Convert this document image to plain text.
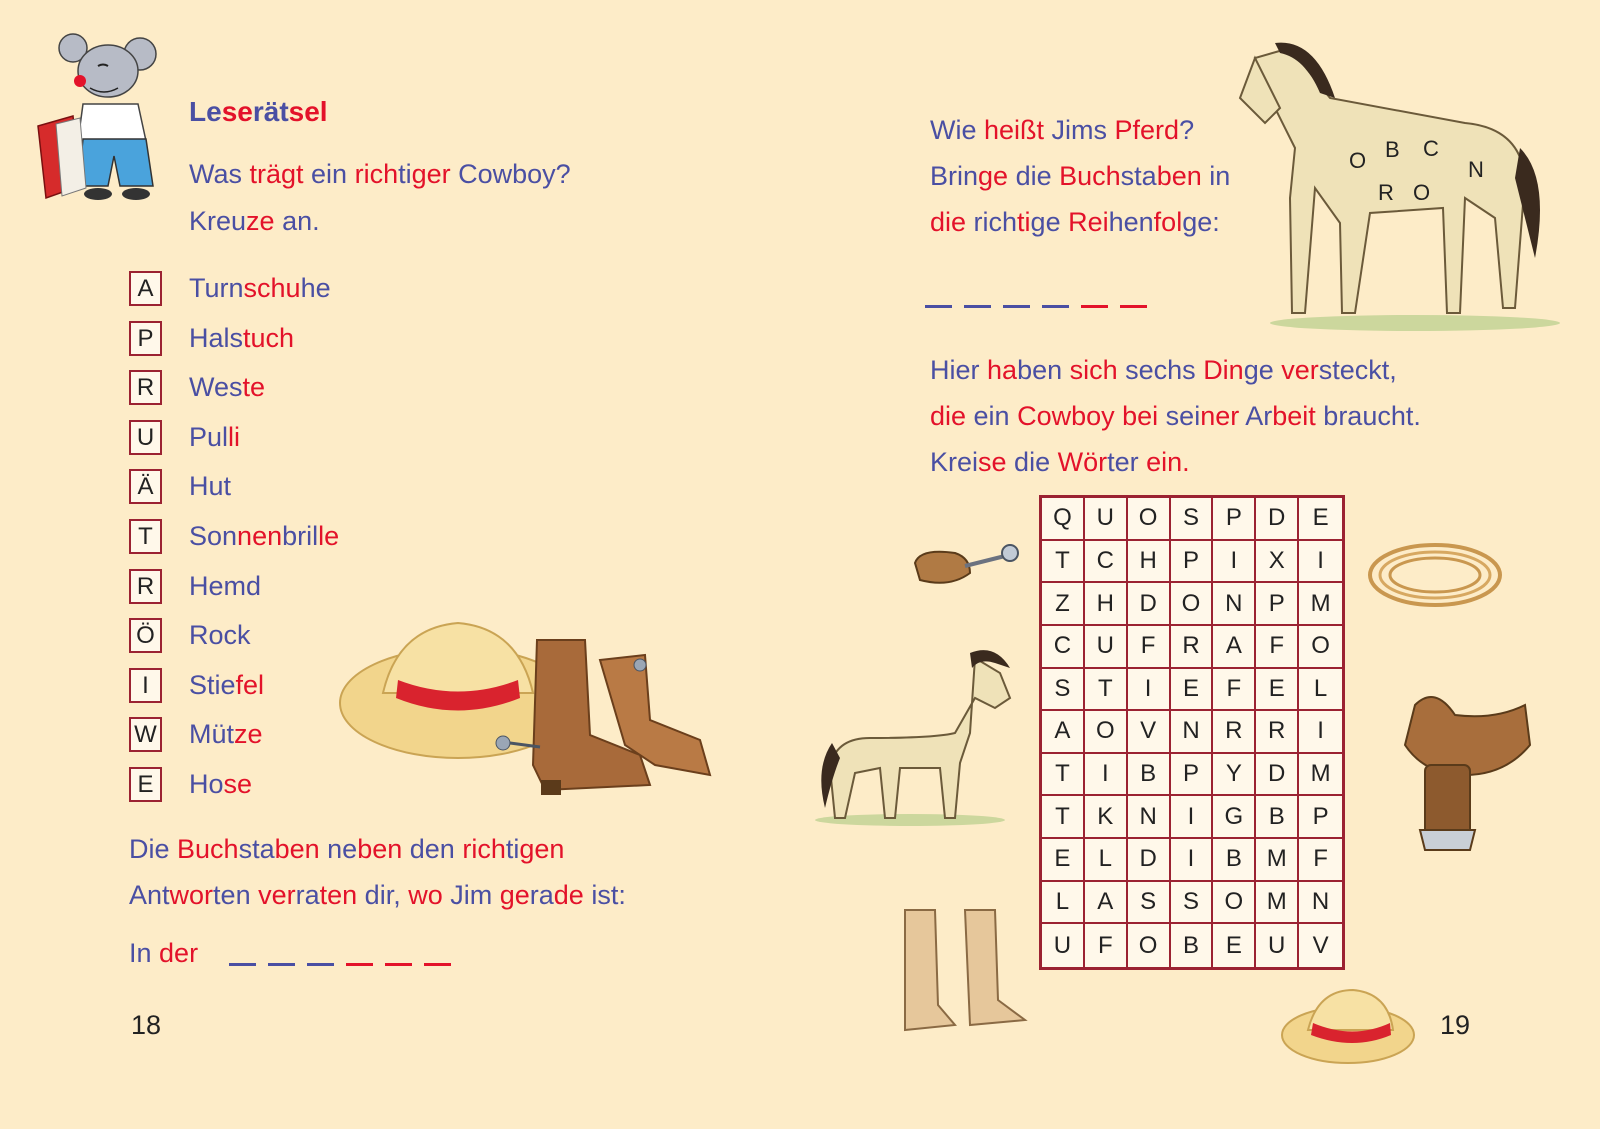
Leserätsel
Was trägt ein richtiger Cowboy?
Kreuze an.
A	Turnschuhe
P	Halstuch
R Weste
U Pulli
Ä	Hut
T	Sonnenbrille
R Hemd
Ö Rock
I	Stiefel
W Mütze
E	Hose
Die Buchstaben neben den richtigen
Antworten verraten dir, wo Jim gerade ist:
In der
18
Wie heißt Jims Pferd?
Bringe die Buchstaben in
die richtige Reihenfolge:
O B C
N
R O
Hier haben sich sechs Dinge versteckt,
die ein Cowboy bei seiner Arbeit braucht.
Kreise die Wörter ein.
Q	U	O	S	P	D	E
T	C	H	P	I	X	I
Z	H	D	O	N	P	M
C	U	F	R	A	F	O
S	T	I	E	F	E	L
A	O	V	N	R	R	I
T	I	B	P	Y	D	M
T	K	N	I	G	B	P
E	L	D	I	B	M	F
L	A	S	S	O M	N
U	F	O	B	E	U	V
19
